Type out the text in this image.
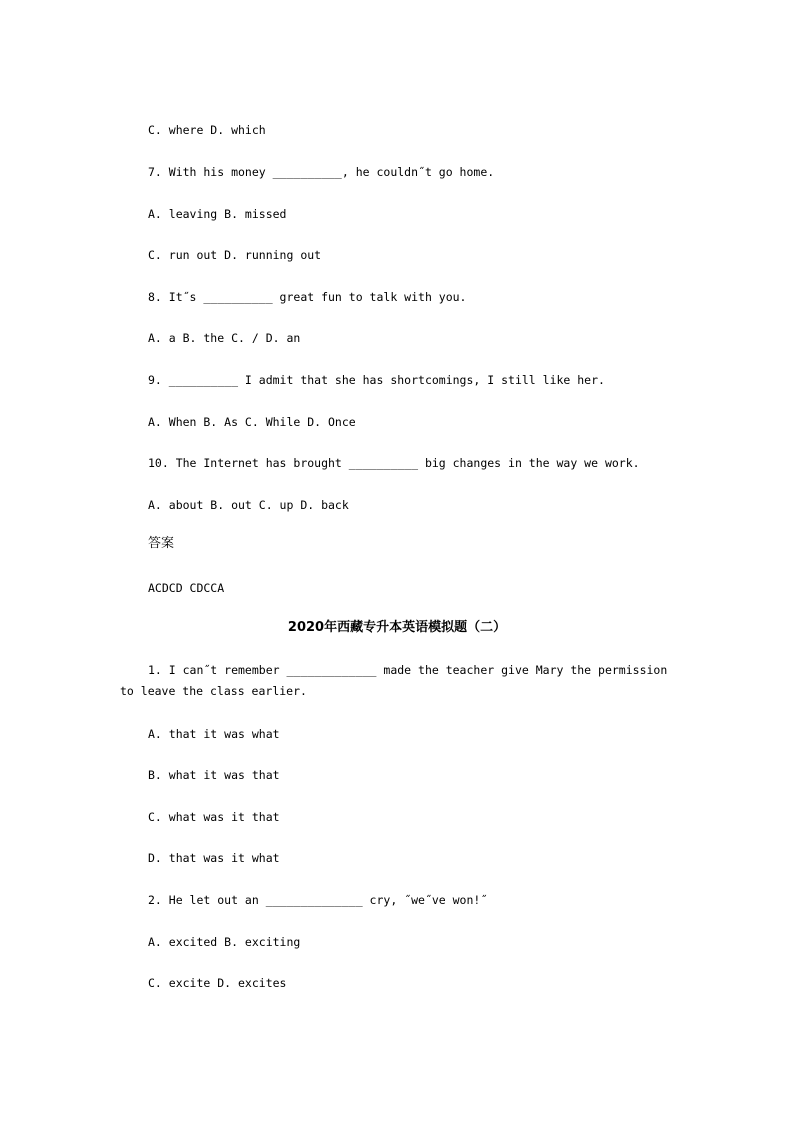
C. where D. which

7. With his money __________, he couldn˝t go home.

A. leaving B. missed

C. run out D. running out

8. It˝s __________ great fun to talk with you.

A. a B. the C. / D. an

9. __________ I admit that she has shortcomings, I still like her.

A. When B. As C. While D. Once

10. The Internet has brought __________ big changes in the way we work.

A. about B. out C. up D. back

答案

ACDCD CDCCA

2020年西藏专升本英语模拟题（二）

1. I can˝t remember _____________ made the teacher give Mary the permission to leave the class earlier.

A. that it was what

B. what it was that

C. what was it that

D. that was it what

2. He let out an ______________ cry, ˝we˝ve won!˝

A. excited B. exciting

C. excite D. excites
